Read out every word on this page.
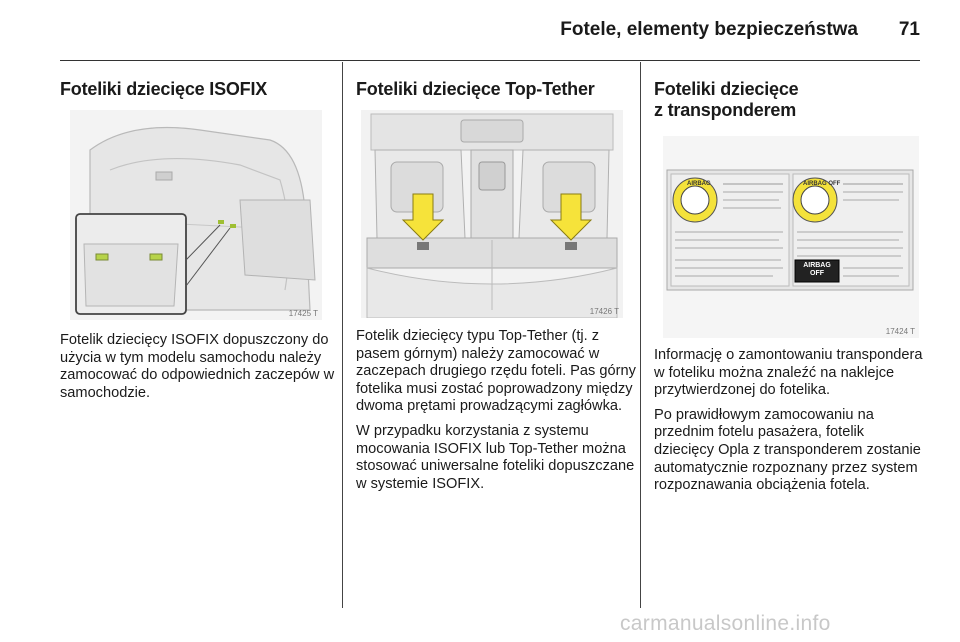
Fotele, elementy bezpieczeństwa 71
Foteliki dziecięce ISOFIX
17425 T

Fotelik dziecięcy ISOFIX dopuszczony do użycia w tym modelu samochodu należy zamocować do odpowiednich zaczepów w samochodzie.

Foteliki dziecięce Top-Tether
17426 T

Fotelik dziecięcy typu Top-Tether (tj. z pasem górnym) należy zamocować w zaczepach drugiego rzędu foteli. Pas górny fotelika musi zostać poprowadzony między dwoma prętami prowadzącymi zagłówka.

W przypadku korzystania z systemu mocowania ISOFIX lub Top-Tether można stosować uniwersalne foteliki dopuszczane w systemie ISOFIX.

Foteliki dziecięce
z transponderem
AIRBAG	AIRBAG OFF
AIRBAG
OFF
17424 T

Informację o zamontowaniu transpondera w foteliku można znaleźć na naklejce przytwierdzonej do fotelika.

Po prawidłowym zamocowaniu na przednim fotelu pasażera, fotelik dziecięcy Opla z transponderem zostanie automatycznie rozpoznany przez system rozpoznawania obciążenia fotela.

carmanualsonline.info
